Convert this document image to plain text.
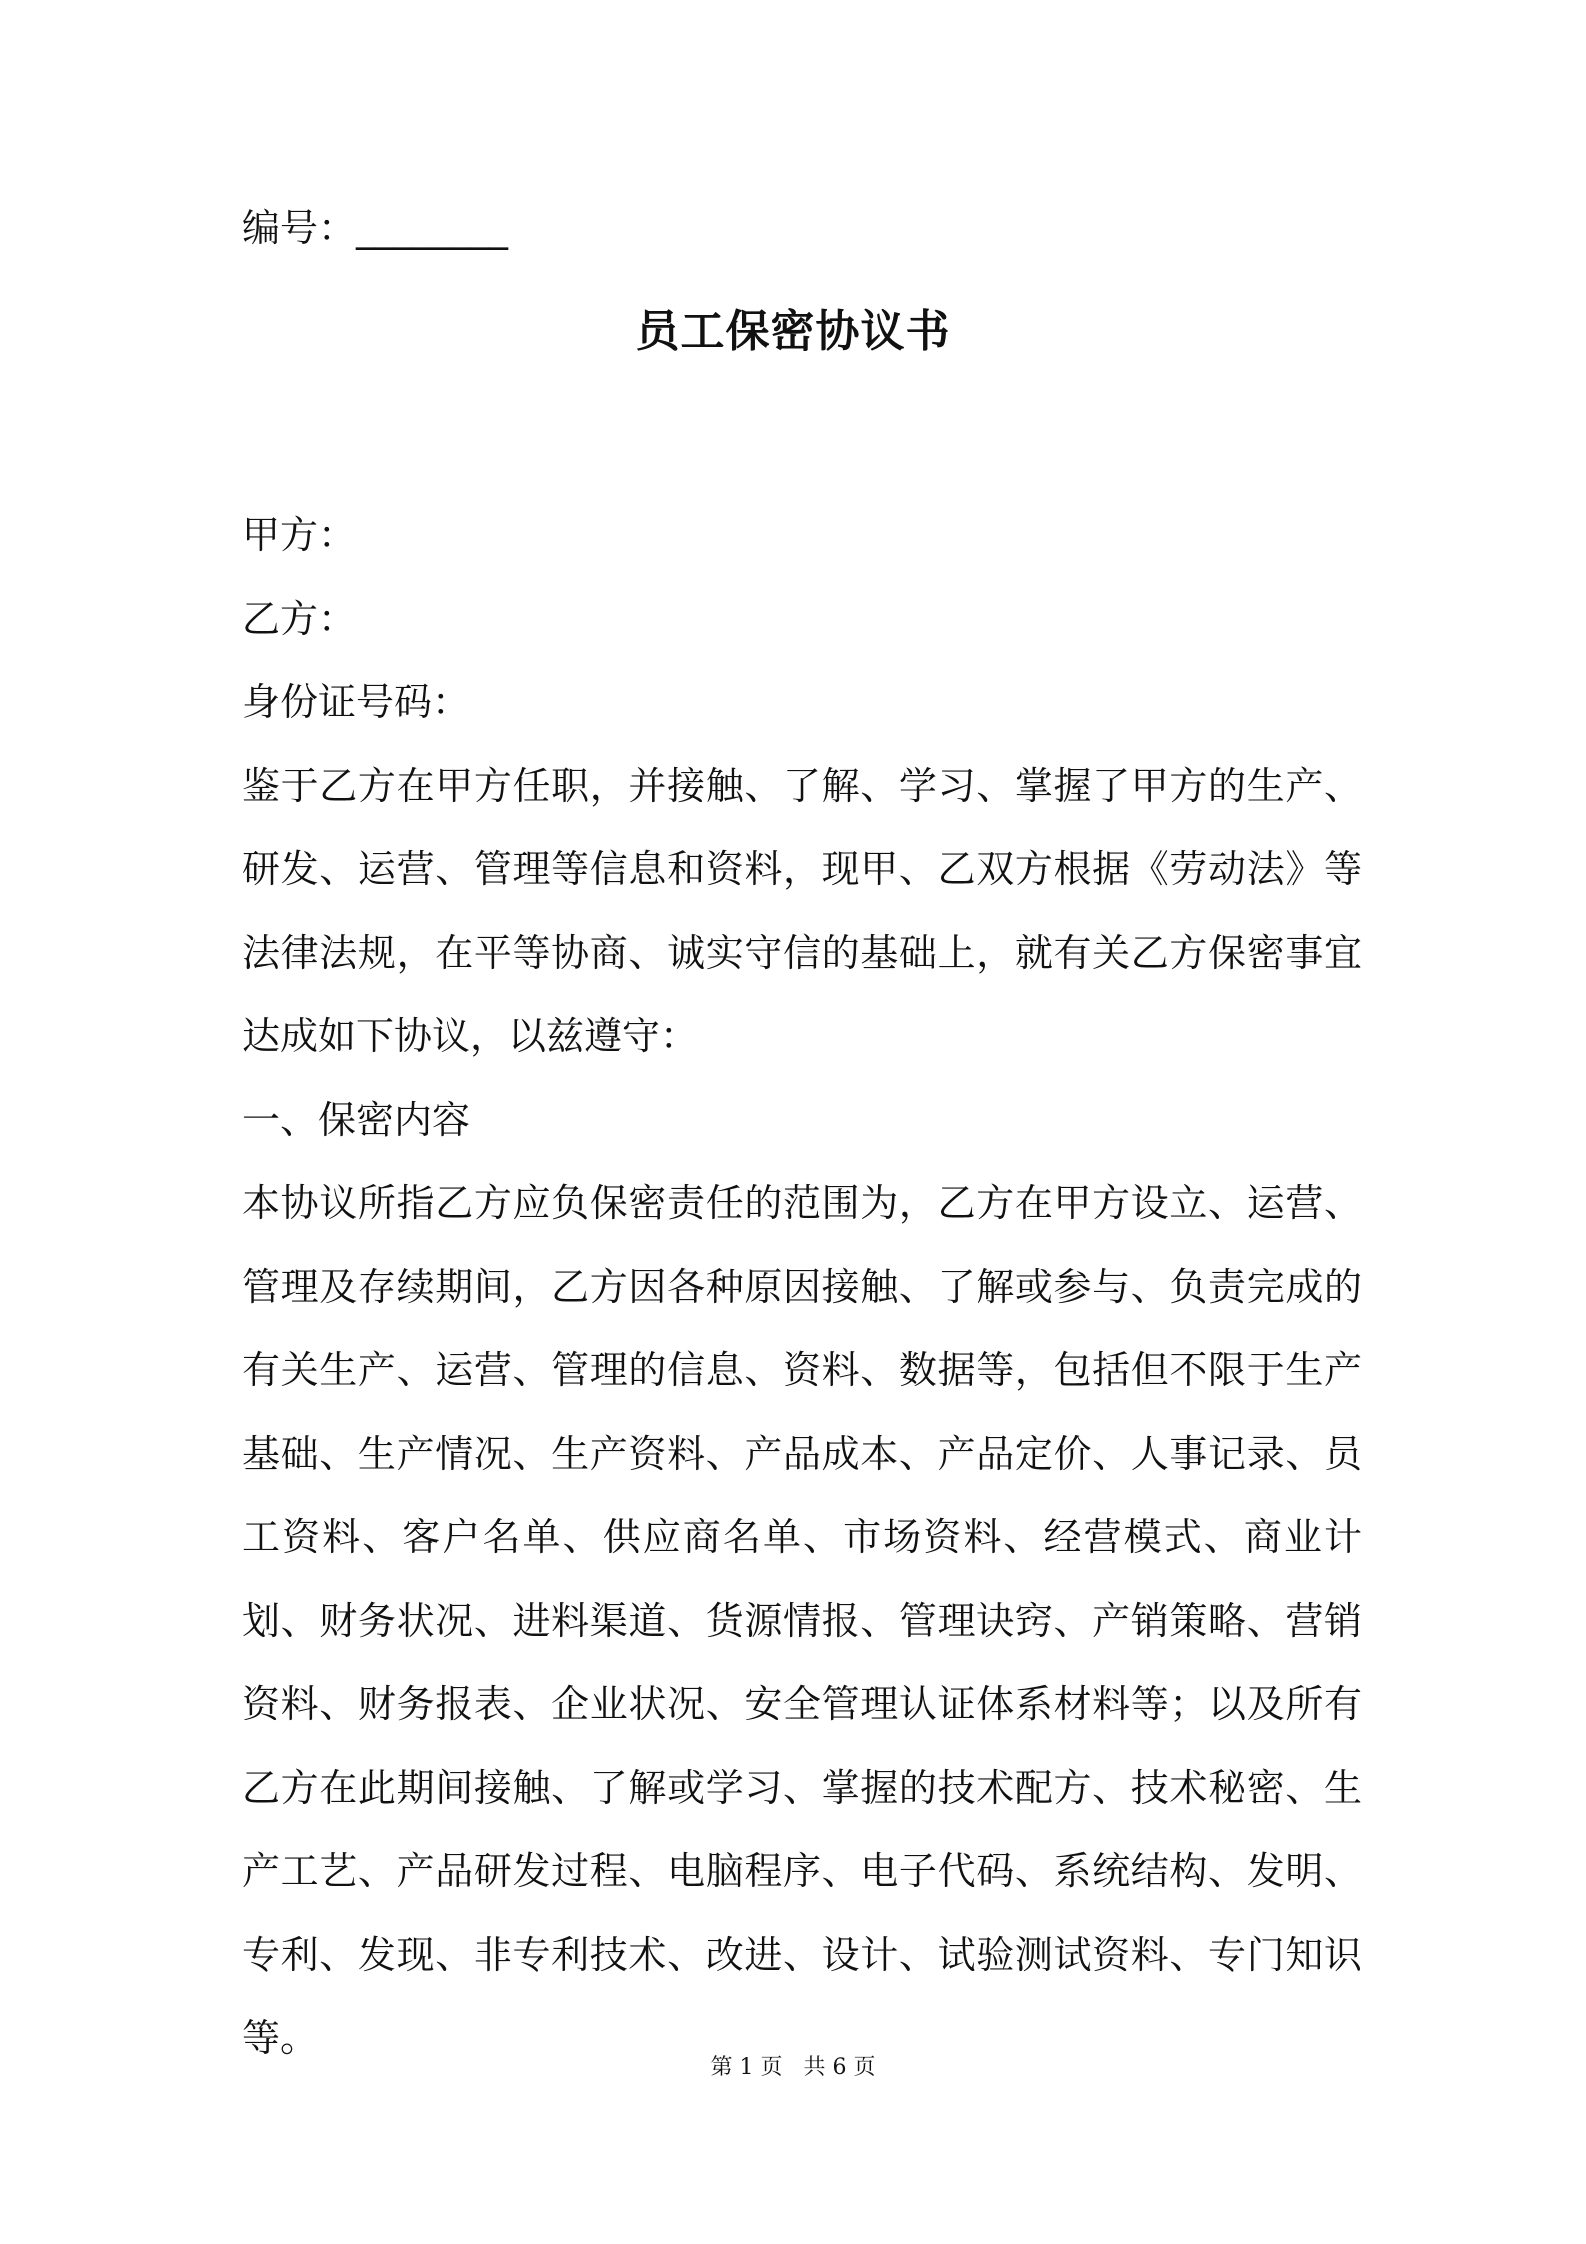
编号：________
员工保密协议书

甲方：

乙方：

身份证号码：

鉴于乙方在甲方任职，并接触、了解、学习、掌握了甲方的生产、研发、运营、管理等信息和资料，现甲、乙双方根据《劳动法》等法律法规，在平等协商、诚实守信的基础上，就有关乙方保密事宜达成如下协议，以兹遵守：

一、保密内容

本协议所指乙方应负保密责任的范围为，乙方在甲方设立、运营、管理及存续期间，乙方因各种原因接触、了解或参与、负责完成的有关生产、运营、管理的信息、资料、数据等，包括但不限于生产基础、生产情况、生产资料、产品成本、产品定价、人事记录、员工资料、客户名单、供应商名单、市场资料、经营模式、商业计划、财务状况、进料渠道、货源情报、管理诀窍、产销策略、营销资料、财务报表、企业状况、安全管理认证体系材料等；以及所有乙方在此期间接触、了解或学习、掌握的技术配方、技术秘密、生产工艺、产品研发过程、电脑程序、电子代码、系统结构、发明、专利、发现、非专利技术、改进、设计、试验测试资料、专门知识等。

第 1 页   共 6 页
